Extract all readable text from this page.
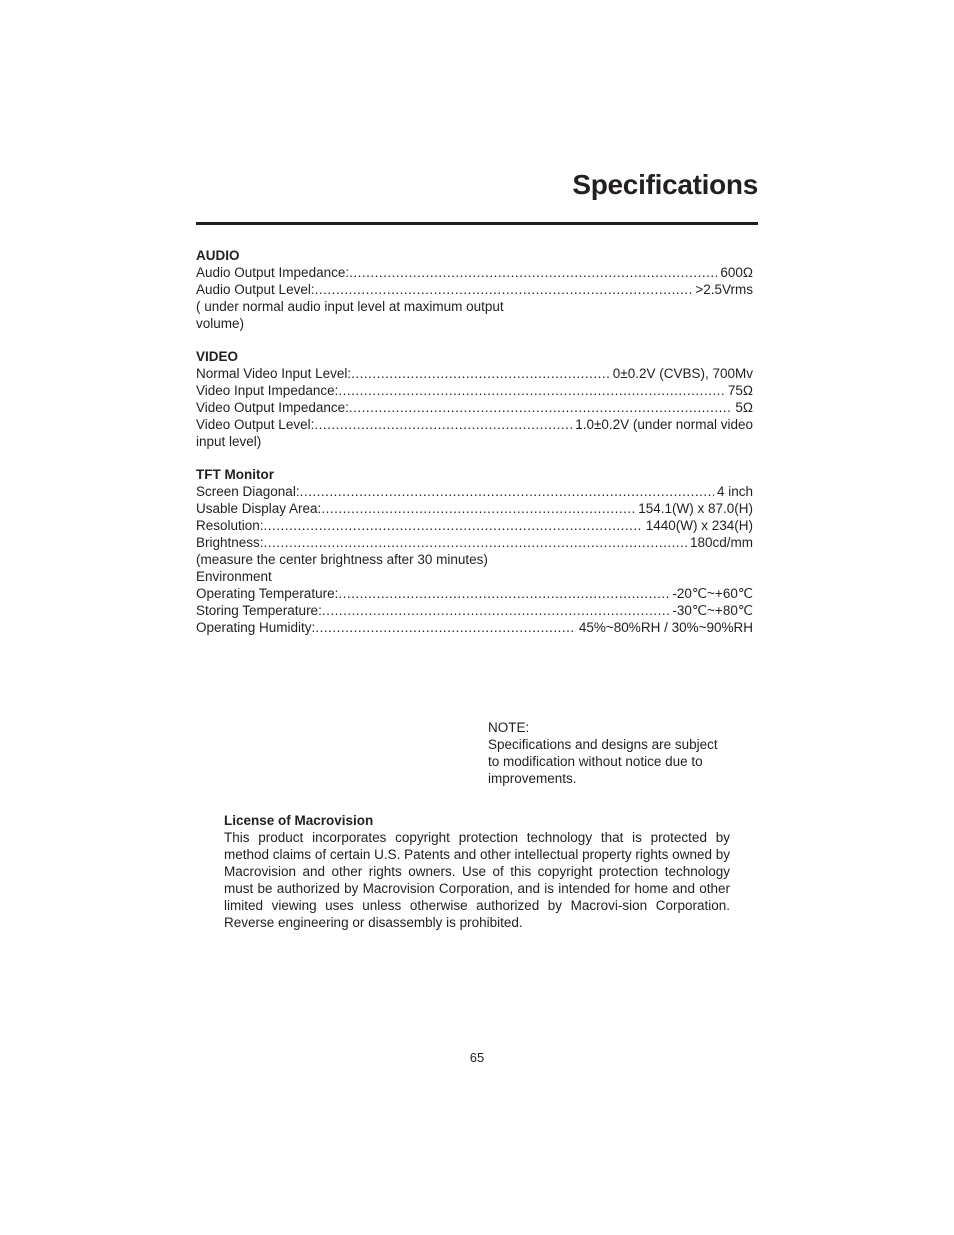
Specifications
AUDIO
Audio Output Impedance: .....	600Ω
Audio Output Level: .....	>2.5Vrms
( under normal audio input level at maximum output
volume)
VIDEO
Normal Video Input Level: .....	0±0.2V (CVBS), 700Mv
Video Input Impedance: .....	75Ω
Video Output Impedance: .....	5Ω
Video Output Level: .....	1.0±0.2V (under normal video
input level)
TFT Monitor
Screen Diagonal: .....	4 inch
Usable Display Area: .....	154.1(W) x 87.0(H)
Resolution: .....	1440(W) x 234(H)
Brightness: .....	180cd/mm
(measure the center brightness after 30 minutes)
Environment
Operating Temperature: .....	-20℃~+60℃
Storing Temperature: .....	-30℃~+80℃
Operating Humidity: .....	45%~80%RH / 30%~90%RH
NOTE:
Specifications and designs are subject
to modification without notice due to
improvements.
License of Macrovision

This product incorporates copyright protection technology that is protected by method claims of certain U.S. Patents and other intellectual property rights owned by Macrovision and other rights owners. Use of this copyright protection technology must be authorized by Macrovision Corporation, and is intended for home and other limited viewing uses unless otherwise authorized by Macrovi-sion Corporation. Reverse engineering or disassembly is prohibited.

65
